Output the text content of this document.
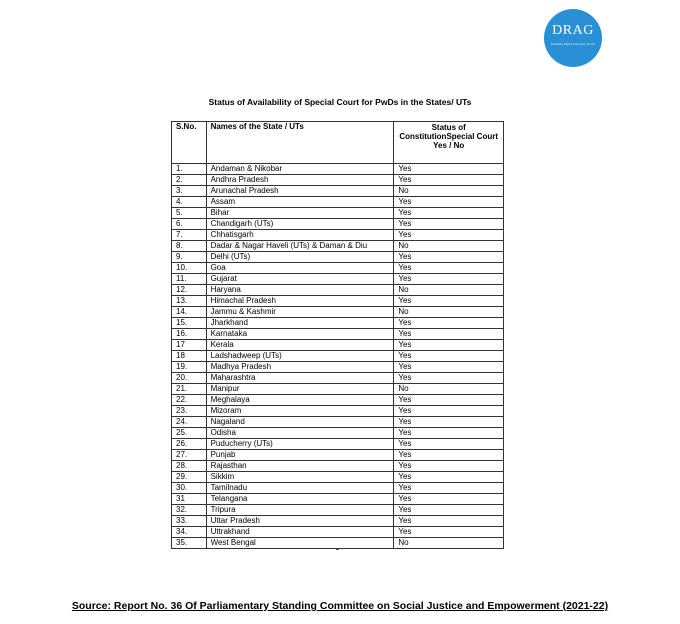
DRAG
Disability Rights Advocacy Group
Status of Availability of Special Court for PwDs in the States/ UTs
S.No.	Names of the State / UTs	Status of ConstitutionSpecial Court Yes / No
1.	Andaman & Nikobar	Yes
2.	Andhra Pradesh	Yes
3.	Arunachal Pradesh	No
4.	Assam	Yes
5.	Bihar	Yes
6.	Chandigarh (UTs)	Yes
7.	Chhatisgarh	Yes
8.	Dadar & Nagar Haveli (UTs) & Daman & Diu	No
9.	Delhi (UTs)	Yes
10.	Goa	Yes
11.	Gujarat	Yes
12.	Haryana	No
13.	Himachal Pradesh	Yes
14.	Jammu & Kashmir	No
15.	Jharkhand	Yes
16.	Karnataka	Yes
17	Kerala	Yes
18	Ladshadweep (UTs)	Yes
19.	Madhya Pradesh	Yes
20.	Maharashtra	Yes
21.	Manipur	No
22.	Meghalaya	Yes
23.	Mizoram	Yes
24.	Nagaland	Yes
25.	Odisha	Yes
26.	Puducherry (UTs)	Yes
27.	Punjab	Yes
28.	Rajasthan	Yes
29.	Sikkim	Yes
30.	Tamilnadu	Yes
31	Telangana	Yes
32.	Tripura	Yes
33.	Uttar Pradesh	Yes
34.	Uttrakhand	Yes
35.	West Bengal	No
Source: Report No. 36 Of Parliamentary Standing Committee on Social Justice and Empowerment (2021-22)
